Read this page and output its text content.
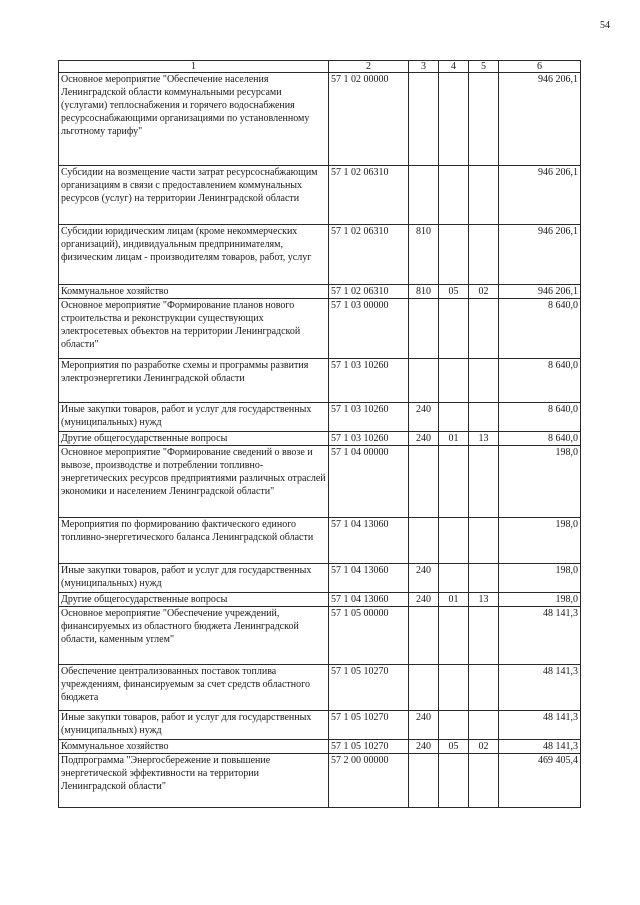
54
1	2	3	4	5	6
Основное мероприятие "Обеспечение населения Ленинградской области коммунальными ресурсами (услугами) теплоснабжения и горячего водоснабжения ресурсоснабжающими организациями по установленному льготному тарифу"	57 1 02 00000				946 206,1
Субсидии на возмещение части затрат ресурсоснабжающим организациям в связи с предоставлением коммунальных ресурсов (услуг) на территории Ленинградской области	57 1 02 06310				946 206,1
Субсидии юридическим лицам (кроме некоммерческих организаций), индивидуальным предпринимателям, физическим лицам - производителям товаров, работ, услуг	57 1 02 06310	810			946 206,1
Коммунальное хозяйство	57 1 02 06310	810	05	02	946 206,1
Основное мероприятие "Формирование планов нового строительства и реконструкции существующих электросетевых объектов на территории Ленинградской области"	57 1 03 00000				8 640,0
Мероприятия по разработке схемы и программы развития электроэнергетики Ленинградской области	57 1 03 10260				8 640,0
Иные закупки товаров, работ и услуг для государственных (муниципальных) нужд	57 1 03 10260	240			8 640,0
Другие общегосударственные вопросы	57 1 03 10260	240	01	13	8 640,0
Основное мероприятие "Формирование сведений о ввозе и вывозе, производстве и потреблении топливно-энергетических ресурсов предприятиями различных отраслей экономики и населением Ленинградской области"	57 1 04 00000				198,0
Мероприятия по формированию фактического единого топливно-энергетического баланса Ленинградской области	57 1 04 13060				198,0
Иные закупки товаров, работ и услуг для государственных (муниципальных) нужд	57 1 04 13060	240			198,0
Другие общегосударственные вопросы	57 1 04 13060	240	01	13	198,0
Основное мероприятие "Обеспечение учреждений, финансируемых из областного бюджета Ленинградской области, каменным углем"	57 1 05 00000				48 141,3
Обеспечение централизованных поставок топлива учреждениям, финансируемым за счет средств областного бюджета	57 1 05 10270				48 141,3
Иные закупки товаров, работ и услуг для государственных (муниципальных) нужд	57 1 05 10270	240			48 141,3
Коммунальное хозяйство	57 1 05 10270	240	05	02	48 141,3
Подпрограмма "Энергосбережение и повышение энергетической эффективности на территории Ленинградской области"	57 2 00 00000				469 405,4
